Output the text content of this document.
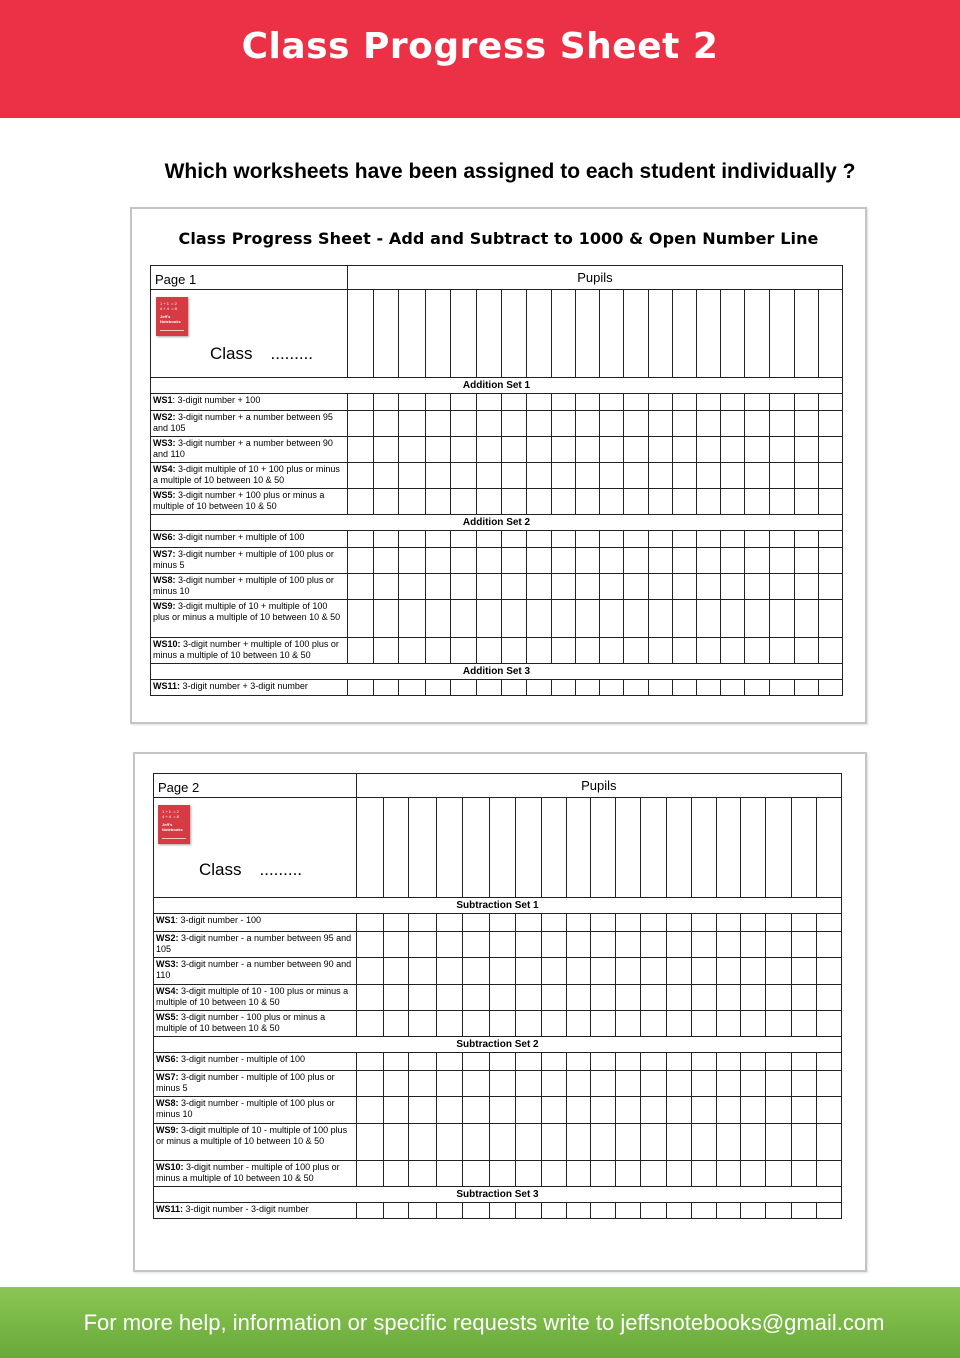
Class Progress Sheet 2
Which worksheets have been assigned to each student individually ?
Class Progress Sheet - Add and Subtract to 1000 & Open Number Line
Page 1	Pupils																			

1 + 1  = 2
4 + 4  = 8
Jeff's
Notebooks
Class .........																				

Addition Set 1																				
WS1: 3-digit number + 100																				
WS2: 3-digit number + a number between 95 and 105																				
WS3: 3-digit number + a number between 90 and 110																				
WS4: 3-digit multiple of 10 + 100 plus or minus a multiple of 10 between 10 & 50																				
WS5: 3-digit number + 100 plus or minus a multiple of 10 between 10 & 50																				
Addition Set 2																				
WS6: 3-digit number + multiple of 100																				
WS7: 3-digit number + multiple of 100 plus or minus 5																				
WS8: 3-digit number + multiple of 100 plus or minus 10																				
WS9: 3-digit multiple of 10 + multiple of 100 plus or minus a multiple of 10 between 10 & 50																				
WS10: 3-digit number + multiple of 100 plus or minus a multiple of 10 between 10 & 50																				
Addition Set 3																				
WS11: 3-digit number + 3-digit number																				
Page 2	Pupils																		

1 + 1  = 2
4 + 4  = 8
Jeff's
Notebooks
Class .........																			

Subtraction Set 1																			
WS1: 3-digit number - 100																			
WS2: 3-digit number - a number between 95 and 105																			
WS3: 3-digit number - a number between 90 and 110																			
WS4: 3-digit multiple of 10 - 100 plus or minus a multiple of 10 between 10 & 50																			
WS5: 3-digit number - 100 plus or minus a multiple of 10 between 10 & 50																			
Subtraction Set 2																			
WS6: 3-digit number - multiple of 100																			
WS7: 3-digit number - multiple of 100 plus or minus 5																			
WS8: 3-digit number - multiple of 100 plus or minus 10																			
WS9: 3-digit multiple of 10 - multiple of 100 plus or minus a multiple of 10 between 10 & 50																			
WS10: 3-digit number - multiple of 100 plus or minus a multiple of 10 between 10 & 50																			
Subtraction Set 3																			
WS11: 3-digit number - 3-digit number																			
For more help, information or specific requests write to jeffsnotebooks@gmail.com
